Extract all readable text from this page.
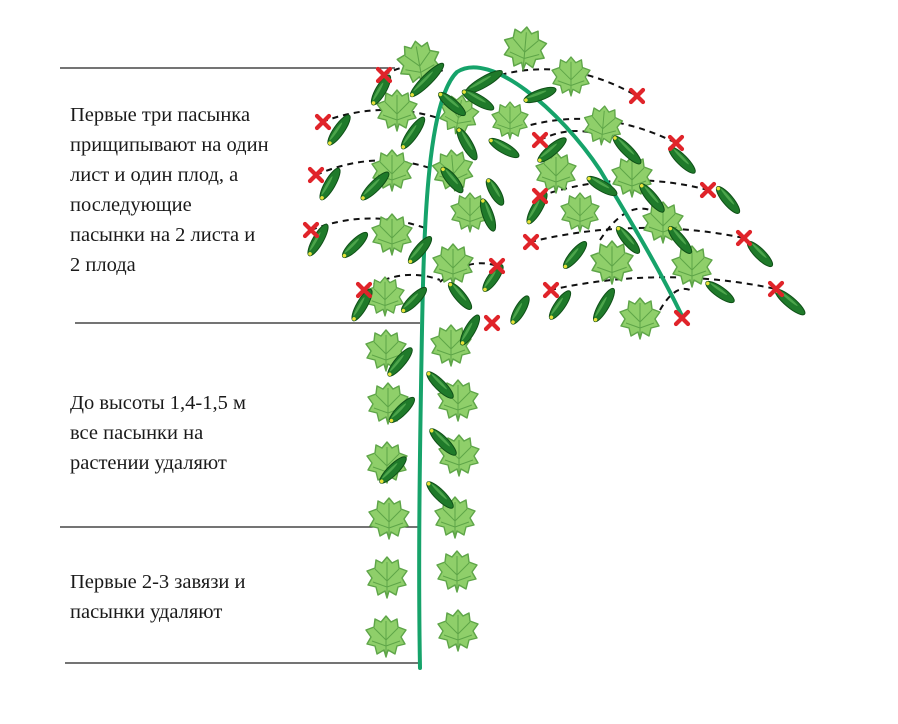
Первые три пасынка
прищипывают на один
лист и один плод, а
последующие
пасынки на 2 листа и
2 плода

До высоты 1,4-1,5 м
все пасынки на
растении удаляют

Первые 2-3 завязи и
пасынки удаляют
